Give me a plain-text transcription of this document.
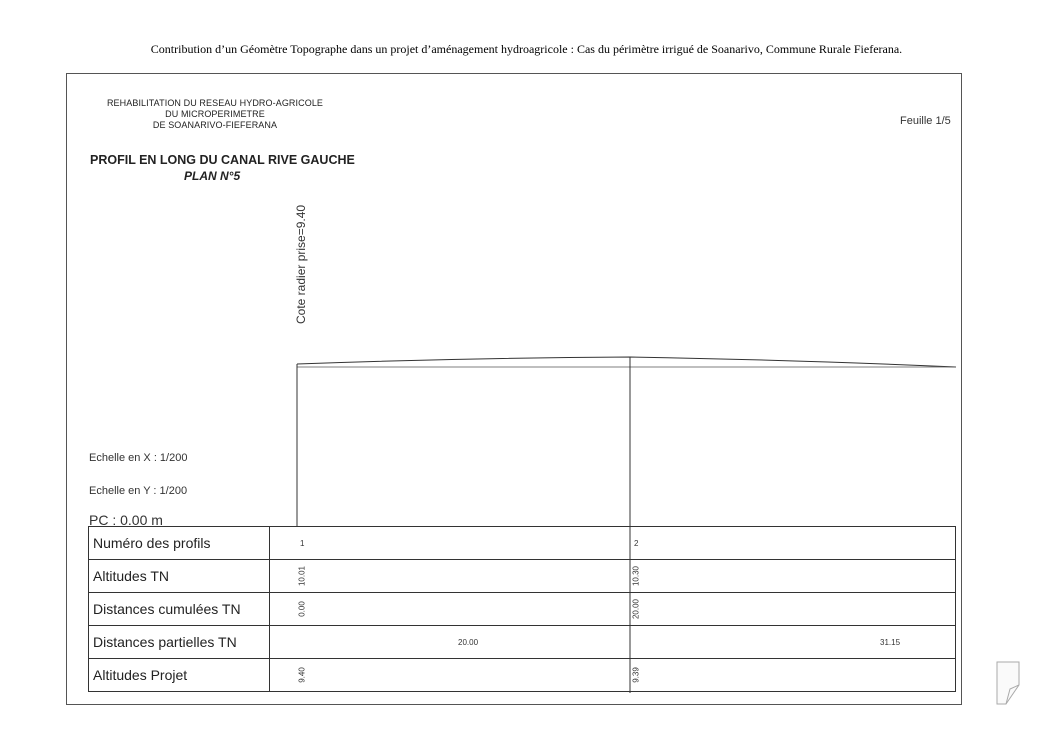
Contribution d’un Géomètre Topographe dans un projet d’aménagement hydroagricole : Cas du périmètre irrigué de Soanarivo, Commune Rurale Fieferana.
REHABILITATION DU RESEAU HYDRO-AGRICOLE
DU MICROPERIMETRE
DE SOANARIVO-FIEFERANA
PROFIL EN LONG DU CANAL RIVE GAUCHE
PLAN N°5
Feuille 1/5
Cote radier prise=9.40
Echelle en X : 1/200
Echelle en Y : 1/200
PC : 0.00 m
Numéro des profils	1 2

Altitudes TN	10.01 10.30

Distances cumulées TN	0.00 20.00

Distances partielles TN	20.00 31.15

Altitudes Projet	9.40 9.39
